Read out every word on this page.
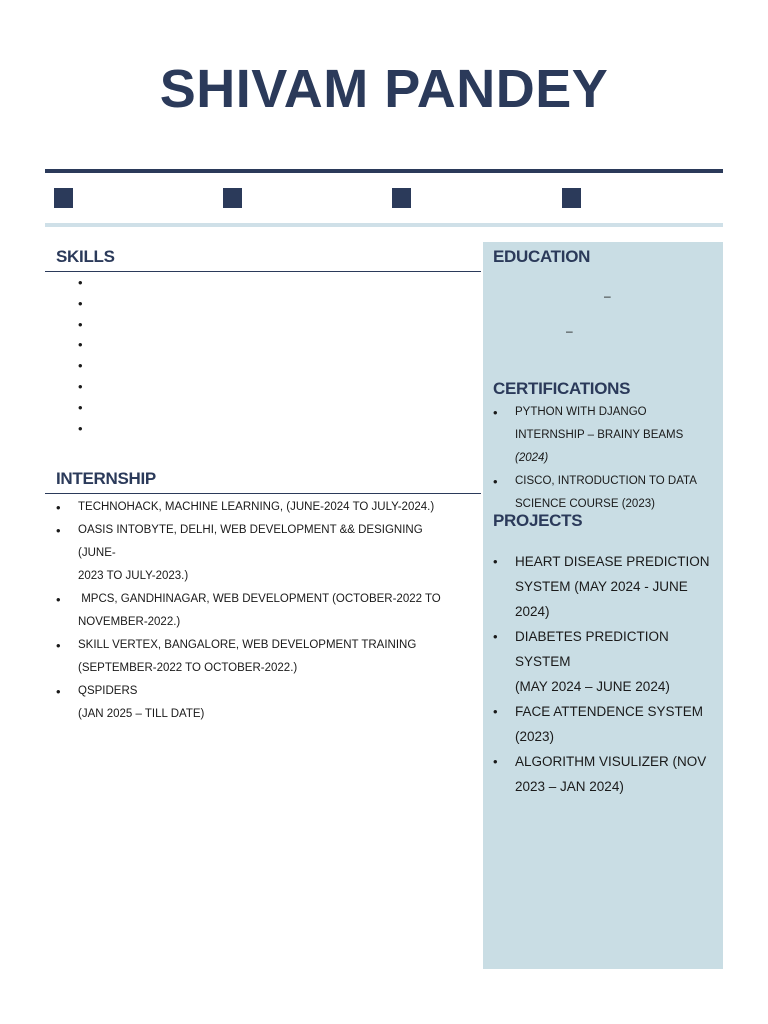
SHIVAM PANDEY
SKILLS
•
•
•
•
•
•
•
•
INTERNSHIP
• TECHNOHACK, MACHINE LEARNING, (JUNE-2024 TO JULY-2024.)
• OASIS INTOBYTE, DELHI, WEB DEVELOPMENT && DESIGNING (JUNE-
2023 TO JULY-2023.)
•  MPCS, GANDHINAGAR, WEB DEVELOPMENT (OCTOBER-2022 TO
NOVEMBER-2022.)
• SKILL VERTEX, BANGALORE, WEB DEVELOPMENT TRAINING
(SEPTEMBER-2022 TO OCTOBER-2022.)
• QSPIDERS
(JAN 2025 – TILL DATE)
EDUCATION
–
–
CERTIFICATIONS
• PYTHON WITH DJANGO
INTERNSHIP – BRAINY BEAMS (2024)
• CISCO, INTRODUCTION TO DATA
SCIENCE COURSE (2023)
PROJECTS
• HEART DISEASE PREDICTION
SYSTEM (MAY 2024 - JUNE 2024)
• DIABETES PREDICTION SYSTEM
(MAY 2024 – JUNE 2024)
• FACE ATTENDENCE SYSTEM
(2023)
• ALGORITHM VISULIZER (NOV
2023 – JAN 2024)
